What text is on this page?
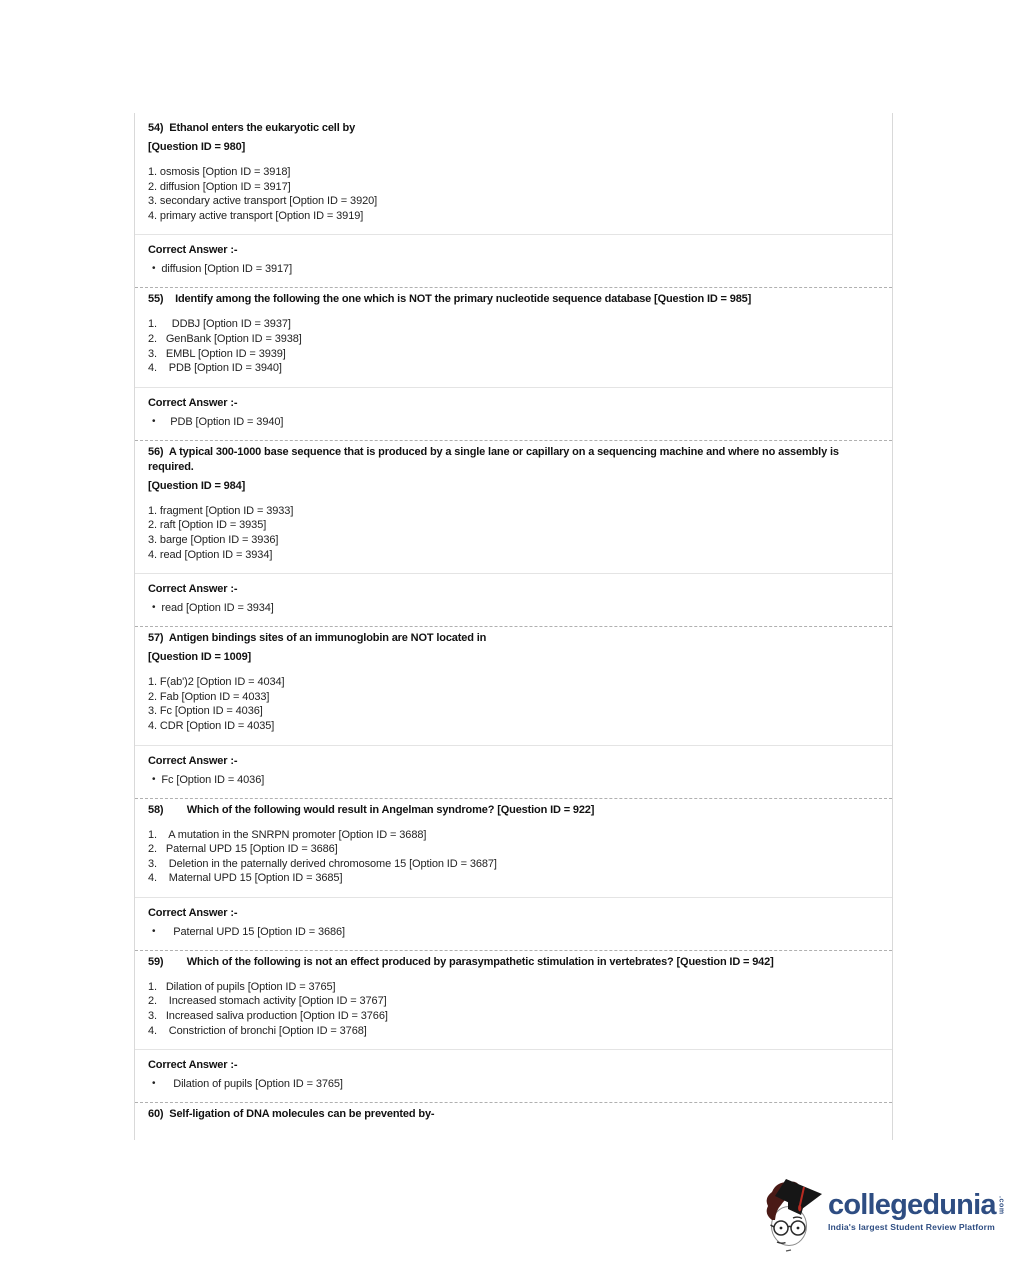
54)  Ethanol enters the eukaryotic cell by
[Question ID = 980]
1. osmosis [Option ID = 3918]
2. diffusion [Option ID = 3917]
3. secondary active transport [Option ID = 3920]
4. primary active transport [Option ID = 3919]
Correct Answer :-
• diffusion [Option ID = 3917]
55)    Identify among the following the one which is NOT the primary nucleotide sequence database [Question ID = 985]
1.     DDBJ [Option ID = 3937]
2.   GenBank [Option ID = 3938]
3.   EMBL [Option ID = 3939]
4.    PDB [Option ID = 3940]
Correct Answer :-
•   PDB [Option ID = 3940]
56)  A typical 300-1000 base sequence that is produced by a single lane or capillary on a sequencing machine and where no assembly is required.
[Question ID = 984]
1. fragment [Option ID = 3933]
2. raft [Option ID = 3935]
3. barge [Option ID = 3936]
4. read [Option ID = 3934]
Correct Answer :-
• read [Option ID = 3934]
57)  Antigen bindings sites of an immunoglobin are NOT located in
[Question ID = 1009]
1. F(ab')2 [Option ID = 4034]
2. Fab [Option ID = 4033]
3. Fc [Option ID = 4036]
4. CDR [Option ID = 4035]
Correct Answer :-
• Fc [Option ID = 4036]
58)        Which of the following would result in Angelman syndrome? [Question ID = 922]
1.    A mutation in the SNRPN promoter [Option ID = 3688]
2.   Paternal UPD 15 [Option ID = 3686]
3.    Deletion in the paternally derived chromosome 15 [Option ID = 3687]
4.    Maternal UPD 15 [Option ID = 3685]
Correct Answer :-
•    Paternal UPD 15 [Option ID = 3686]
59)        Which of the following is not an effect produced by parasympathetic stimulation in vertebrates? [Question ID = 942]
1.   Dilation of pupils [Option ID = 3765]
2.    Increased stomach activity [Option ID = 3767]
3.   Increased saliva production [Option ID = 3766]
4.    Constriction of bronchi [Option ID = 3768]
Correct Answer :-
•    Dilation of pupils [Option ID = 3765]
60)  Self-ligation of DNA molecules can be prevented by-
collegedunia .com
India's largest Student Review Platform
